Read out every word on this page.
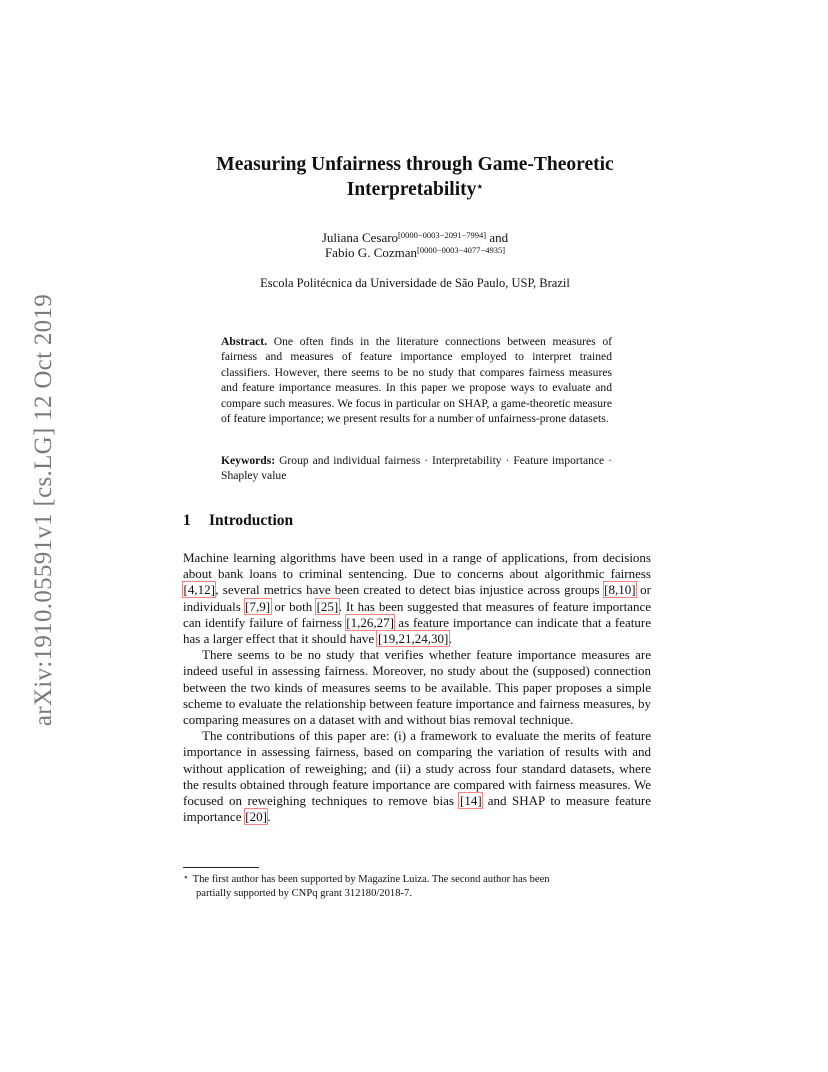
arXiv:1910.05591v1 [cs.LG] 12 Oct 2019
Measuring Unfairness through Game-Theoretic
Interpretability⋆
Juliana Cesaro[0000−0003−2091−7994] and
Fabio G. Cozman[0000−0003−4077−4935]
Escola Politécnica da Universidade de São Paulo, USP, Brazil
Abstract. One often finds in the literature connections between measures of fairness and measures of feature importance employed to interpret trained classifiers. However, there seems to be no study that compares fairness measures and feature importance measures. In this paper we propose ways to evaluate and compare such measures. We focus in particular on SHAP, a game-theoretic measure of feature importance; we present results for a number of unfairness-prone datasets.
Keywords: Group and individual fairness · Interpretability · Feature importance · Shapley value
1 Introduction

Machine learning algorithms have been used in a range of applications, from decisions about bank loans to criminal sentencing. Due to concerns about algorithmic fairness [4,12], several metrics have been created to detect bias injustice across groups [8,10] or individuals [7,9] or both [25]. It has been suggested that measures of feature importance can identify failure of fairness [1,26,27] as feature importance can indicate that a feature has a larger effect that it should have [19,21,24,30].

There seems to be no study that verifies whether feature importance measures are indeed useful in assessing fairness. Moreover, no study about the (supposed) connection between the two kinds of measures seems to be available. This paper proposes a simple scheme to evaluate the relationship between feature importance and fairness measures, by comparing measures on a dataset with and without bias removal technique.

The contributions of this paper are: (i) a framework to evaluate the merits of feature importance in assessing fairness, based on comparing the variation of results with and without application of reweighing; and (ii) a study across four standard datasets, where the results obtained through feature importance are compared with fairness measures. We focused on reweighing techniques to remove bias [14] and SHAP to measure feature importance [20].

⋆ The first author has been supported by Magazine Luiza. The second author has been
partially supported by CNPq grant 312180/2018-7.
